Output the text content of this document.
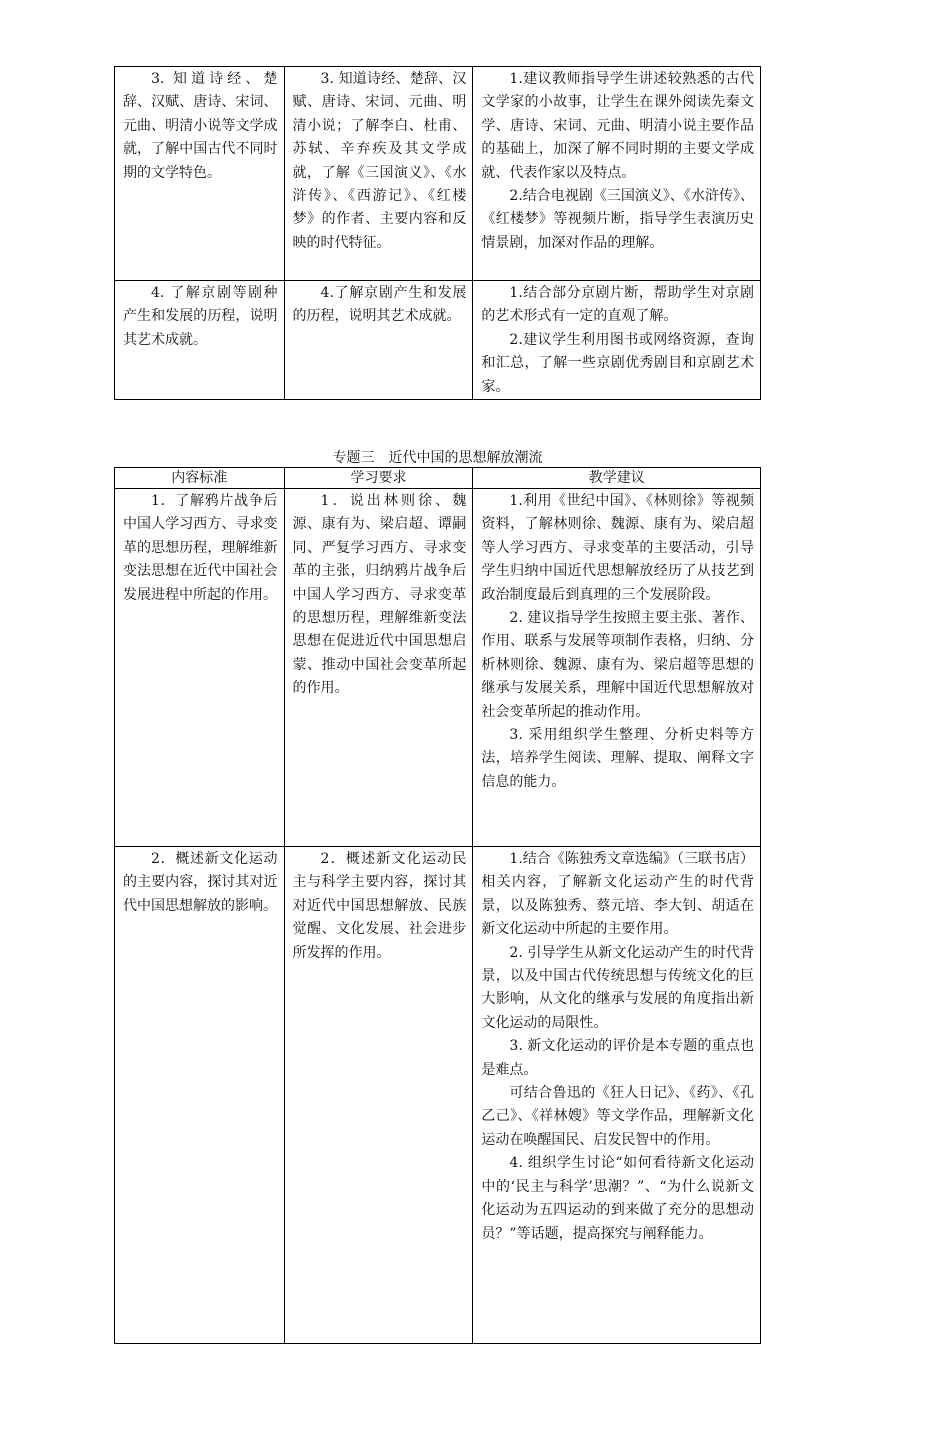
3. 知道诗经、楚辞、汉赋、唐诗、宋词、元曲、明清小说等文学成就，了解中国古代不同时期的文学特色。	3. 知道诗经、楚辞、汉赋、唐诗、宋词、元曲、明清小说；了解李白、杜甫、苏轼、辛弃疾及其文学成就，了解《三国演义》、《水浒传》、《西游记》、《红楼梦》的作者、主要内容和反映的时代特征。	1.建议教师指导学生讲述较熟悉的古代文学家的小故事，让学生在课外阅读先秦文学、唐诗、宋词、元曲、明清小说主要作品的基础上，加深了解不同时期的主要文学成就、代表作家以及特点。

2.结合电视剧《三国演义》、《水浒传》、《红楼梦》等视频片断，指导学生表演历史情景剧，加深对作品的理解。

4. 了解京剧等剧种产生和发展的历程，说明其艺术成就。	4.了解京剧产生和发展的历程，说明其艺术成就。	1.结合部分京剧片断，帮助学生对京剧的艺术形式有一定的直观了解。

2.建议学生利用图书或网络资源，查询和汇总，了解一些京剧优秀剧目和京剧艺术家。

专题三　近代中国的思想解放潮流
内容标准	学习要求	教学建议

1．了解鸦片战争后中国人学习西方、寻求变革的思想历程，理解维新变法思想在近代中国社会发展进程中所起的作用。	1．说出林则徐、魏源、康有为、梁启超、谭嗣同、严复学习西方、寻求变革的主张，归纳鸦片战争后中国人学习西方、寻求变革的思想历程，理解维新变法思想在促进近代中国思想启蒙、推动中国社会变革所起的作用。	1.利用《世纪中国》、《林则徐》等视频资料，了解林则徐、魏源、康有为、梁启超等人学习西方、寻求变革的主要活动，引导学生归纳中国近代思想解放经历了从技艺到政治制度最后到真理的三个发展阶段。

2. 建议指导学生按照主要主张、著作、作用、联系与发展等项制作表格，归纳、分析林则徐、魏源、康有为、梁启超等思想的继承与发展关系，理解中国近代思想解放对社会变革所起的推动作用。

3. 采用组织学生整理、分析史料等方法，培养学生阅读、理解、提取、阐释文字信息的能力。

2．概述新文化运动的主要内容，探讨其对近代中国思想解放的影响。	2．概述新文化运动民主与科学主要内容，探讨其对近代中国思想解放、民族觉醒、文化发展、社会进步所发挥的作用。	1.结合《陈独秀文章选编》（三联书店）相关内容，了解新文化运动产生的时代背景，以及陈独秀、蔡元培、李大钊、胡适在新文化运动中所起的主要作用。

2. 引导学生从新文化运动产生的时代背景，以及中国古代传统思想与传统文化的巨大影响，从文化的继承与发展的角度指出新文化运动的局限性。

3. 新文化运动的评价是本专题的重点也是难点。

可结合鲁迅的《狂人日记》、《药》、《孔乙己》、《祥林嫂》等文学作品，理解新文化运动在唤醒国民、启发民智中的作用。

4. 组织学生讨论“如何看待新文化运动中的‘民主与科学’思潮？”、“为什么说新文化运动为五四运动的到来做了充分的思想动员？”等话题，提高探究与阐释能力。
